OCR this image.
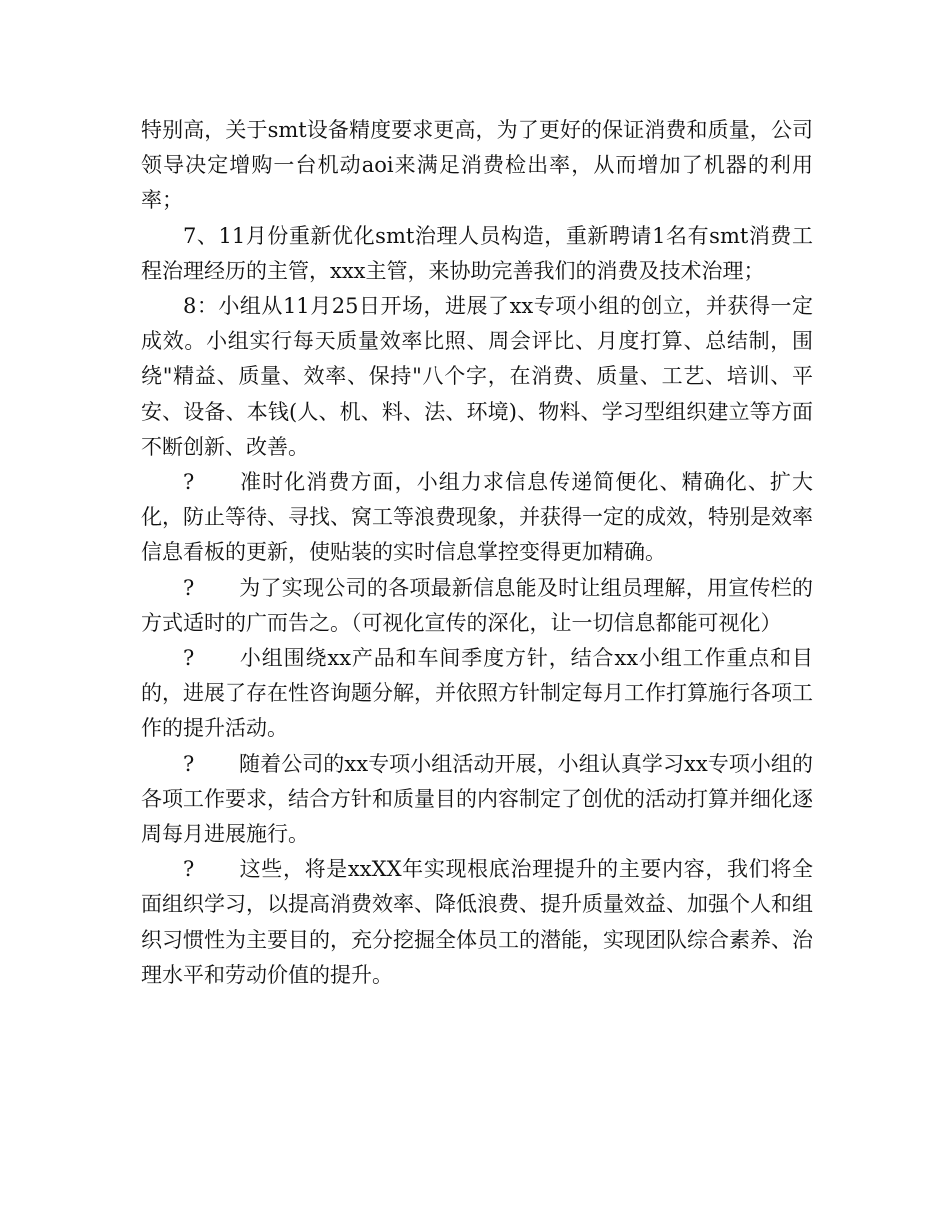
特别高，关于smt设备精度要求更高，为了更好的保证消费和质量，公司领导决定增购一台机动aoi来满足消费检出率，从而增加了机器的利用率；

7、11月份重新优化smt治理人员构造，重新聘请1名有smt消费工程治理经历的主管，xxx主管，来协助完善我们的消费及技术治理；

8：小组从11月25日开场，进展了xx专项小组的创立，并获得一定成效。小组实行每天质量效率比照、周会评比、月度打算、总结制，围绕"精益、质量、效率、保持"八个字，在消费、质量、工艺、培训、平安、设备、本钱(人、机、料、法、环境)、物料、学习型组织建立等方面不断创新、改善。

? 准时化消费方面，小组力求信息传递简便化、精确化、扩大化，防止等待、寻找、窝工等浪费现象，并获得一定的成效，特别是效率信息看板的更新，使贴装的实时信息掌控变得更加精确。

? 为了实现公司的各项最新信息能及时让组员理解，用宣传栏的方式适时的广而告之。（可视化宣传的深化，让一切信息都能可视化）

? 小组围绕xx产品和车间季度方针，结合xx小组工作重点和目的，进展了存在性咨询题分解，并依照方针制定每月工作打算施行各项工作的提升活动。

? 随着公司的xx专项小组活动开展，小组认真学习xx专项小组的各项工作要求，结合方针和质量目的内容制定了创优的活动打算并细化逐周每月进展施行。

? 这些，将是xxXX年实现根底治理提升的主要内容，我们将全面组织学习，以提高消费效率、降低浪费、提升质量效益、加强个人和组织习惯性为主要目的，充分挖掘全体员工的潜能，实现团队综合素养、治理水平和劳动价值的提升。
